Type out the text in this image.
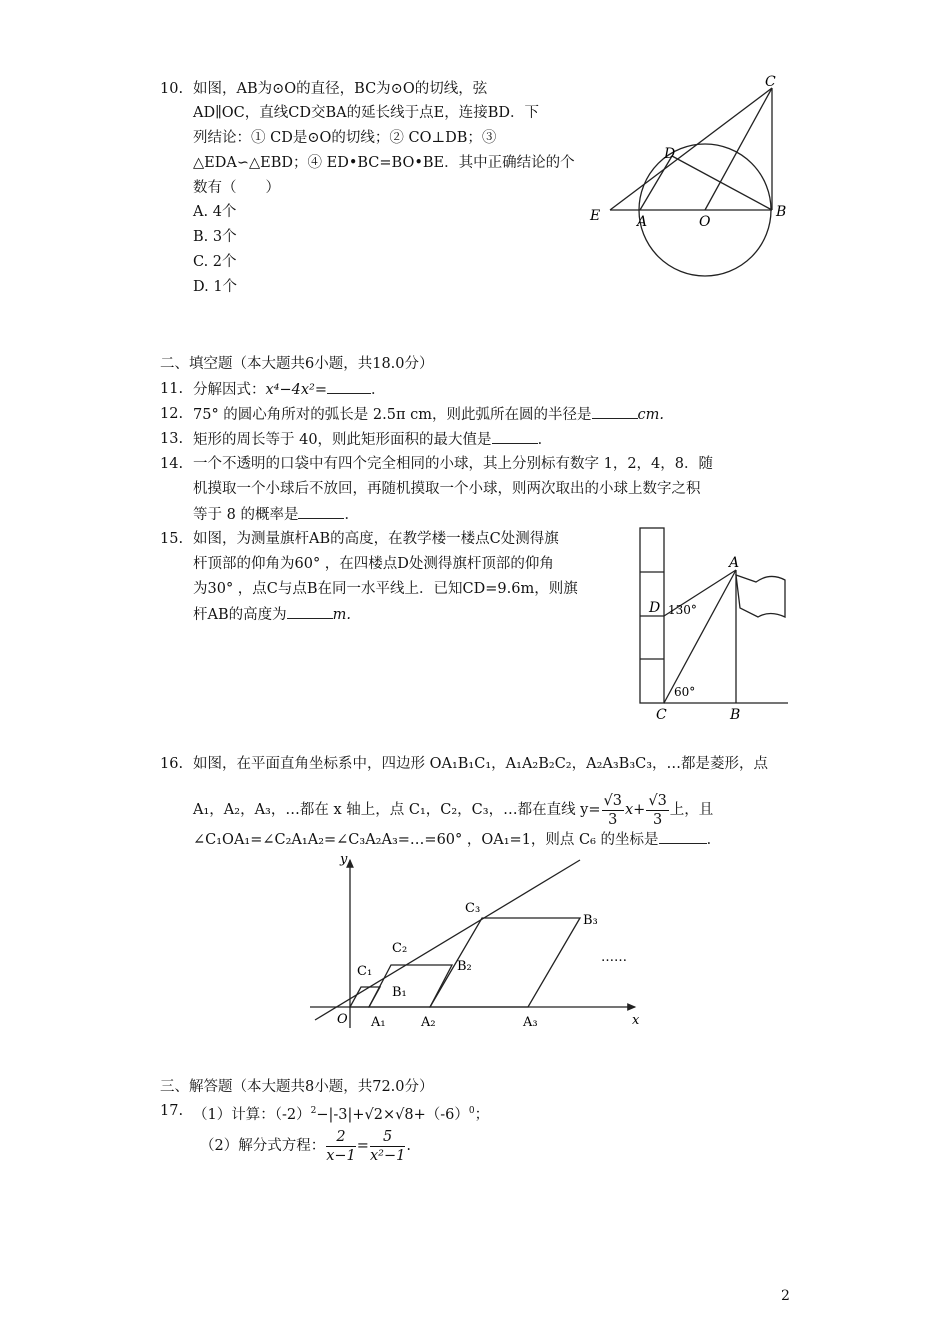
10. 如图，AB为⊙O的直径，BC为⊙O的切线，弦
AD∥OC，直线CD交BA的延长线于点E，连接BD．下
列结论：① CD是⊙O的切线；② CO⊥DB；③
△EDA∽△EBD；④ ED•BC=BO•BE．其中正确结论的个
数有（　　）
A. 4个
B. 3个
C. 2个
D. 1个
C
D
E	A	O
B
二、填空题（本大题共6小题，共18.0分）
11. 分解因式：x⁴−4x²=	．
12. 75° 的圆心角所对的弧长是 2.5π cm，则此弧所在圆的半径是	cm.
13. 矩形的周长等于 40，则此矩形面积的最大值是	．
14. 一个不透明的口袋中有四个完全相同的小球，其上分别标有数字 1，2，4，8．随
机摸取一个小球后不放回，再随机摸取一个小球，则两次取出的小球上数字之积
等于 8 的概率是	．
15. 如图，为测量旗杆AB的高度，在教学楼一楼点C处测得旗
杆顶部的仰角为60° ，在四楼点D处测得旗杆顶部的仰角
为30° ，点C与点B在同一水平线上．已知CD=9.6m，则旗
杆AB的高度为	m.
A
D 130°
60°
C	B
16. 如图，在平面直角坐标系中，四边形 OA₁B₁C₁，A₁A₂B₂C₂，A₂A₃B₃C₃，…都是菱形，点
A₁，A₂，A₃，…都在 x 轴上，点 C₁，C₂，C₃，…都在直线 $y= \frac{√3}{3} x+ \frac{√3}{3}$ 上，且
∠C₁OA₁=∠C₂A₁A₂=∠C₃A₂A₃=…=60° ，OA₁=1，则点 C₆ 的坐标是	．
y
x
O A₁	A₂	A₃
B₁
B₂
B₃
C₁
C₂
C₃
……
三、解答题（本大题共8小题，共72.0分）
17. （1）计算：$(-2)^2-|-3|+√2\times√8+(-6)^0$；
（2）解分式方程： $\frac{2}{x-1} = \frac{5}{\text{x²−1}}$ .
2
